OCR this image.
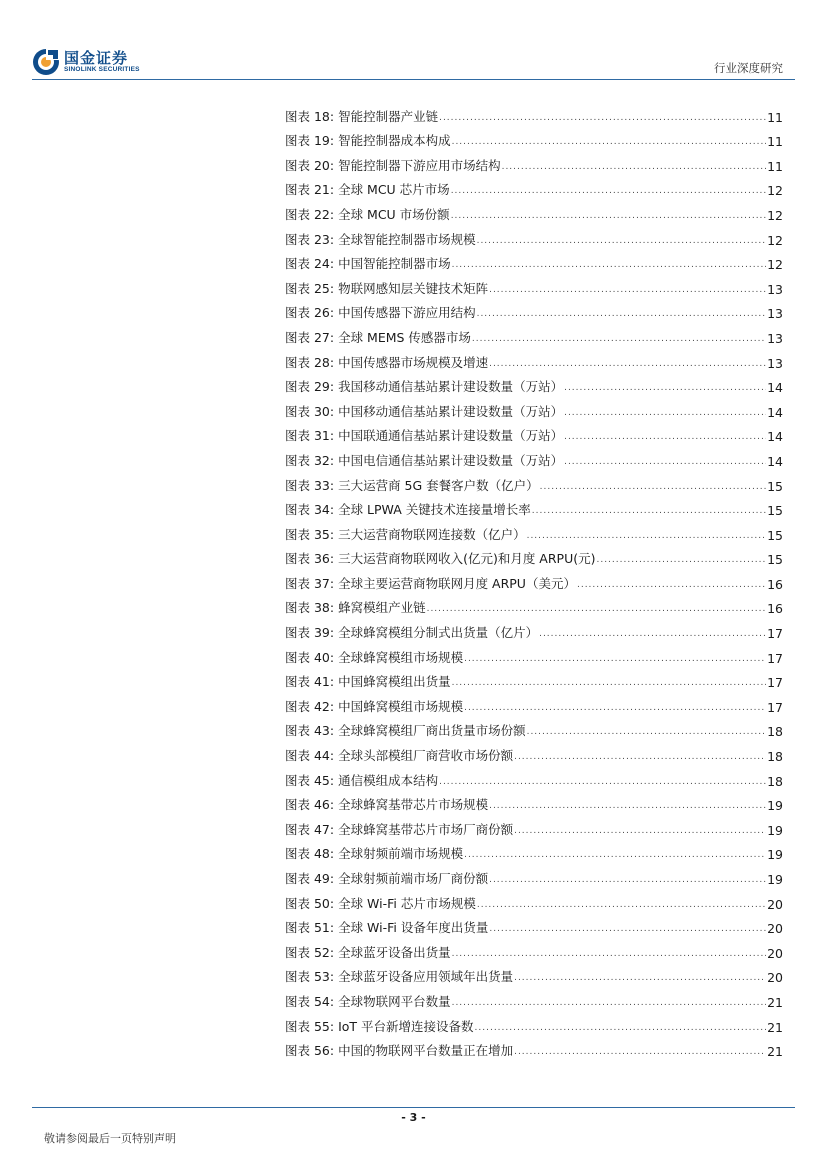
国金证券
SINOLINK SECURITIES	行业深度研究
图表 18: 智能控制器产业链 .....	11
图表 19: 智能控制器成本构成 .....	11
图表 20: 智能控制器下游应用市场结构 .....	11
图表 21: 全球 MCU 芯片市场 .....	12
图表 22: 全球 MCU 市场份额 .....	12
图表 23: 全球智能控制器市场规模 .....	12
图表 24: 中国智能控制器市场 .....	12
图表 25: 物联网感知层关键技术矩阵 .....	13
图表 26: 中国传感器下游应用结构 .....	13
图表 27: 全球 MEMS 传感器市场 .....	13
图表 28: 中国传感器市场规模及增速 .....	13
图表 29: 我国移动通信基站累计建设数量（万站） .....	14
图表 30: 中国移动通信基站累计建设数量（万站） .....	14
图表 31: 中国联通通信基站累计建设数量（万站） .....	14
图表 32: 中国电信通信基站累计建设数量（万站） .....	14
图表 33: 三大运营商 5G 套餐客户数（亿户） .....	15
图表 34: 全球 LPWA 关键技术连接量增长率 .....	15
图表 35: 三大运营商物联网连接数（亿户） .....	15
图表 36: 三大运营商物联网收入(亿元)和月度 ARPU(元) .....	15
图表 37: 全球主要运营商物联网月度 ARPU（美元） .....	16
图表 38: 蜂窝模组产业链 .....	16
图表 39: 全球蜂窝模组分制式出货量（亿片） .....	17
图表 40: 全球蜂窝模组市场规模 .....	17
图表 41: 中国蜂窝模组出货量 .....	17
图表 42: 中国蜂窝模组市场规模 .....	17
图表 43: 全球蜂窝模组厂商出货量市场份额 .....	18
图表 44: 全球头部模组厂商营收市场份额 .....	18
图表 45: 通信模组成本结构 .....	18
图表 46: 全球蜂窝基带芯片市场规模 .....	19
图表 47: 全球蜂窝基带芯片市场厂商份额 .....	19
图表 48: 全球射频前端市场规模 .....	19
图表 49: 全球射频前端市场厂商份额 .....	19
图表 50: 全球 Wi-Fi 芯片市场规模 .....	20
图表 51: 全球 Wi-Fi 设备年度出货量 .....	20
图表 52: 全球蓝牙设备出货量 .....	20
图表 53: 全球蓝牙设备应用领域年出货量 .....	20
图表 54: 全球物联网平台数量 .....	21
图表 55: IoT 平台新增连接设备数 .....	21
图表 56: 中国的物联网平台数量正在增加 .....	21
- 3 -
敬请参阅最后一页特别声明
